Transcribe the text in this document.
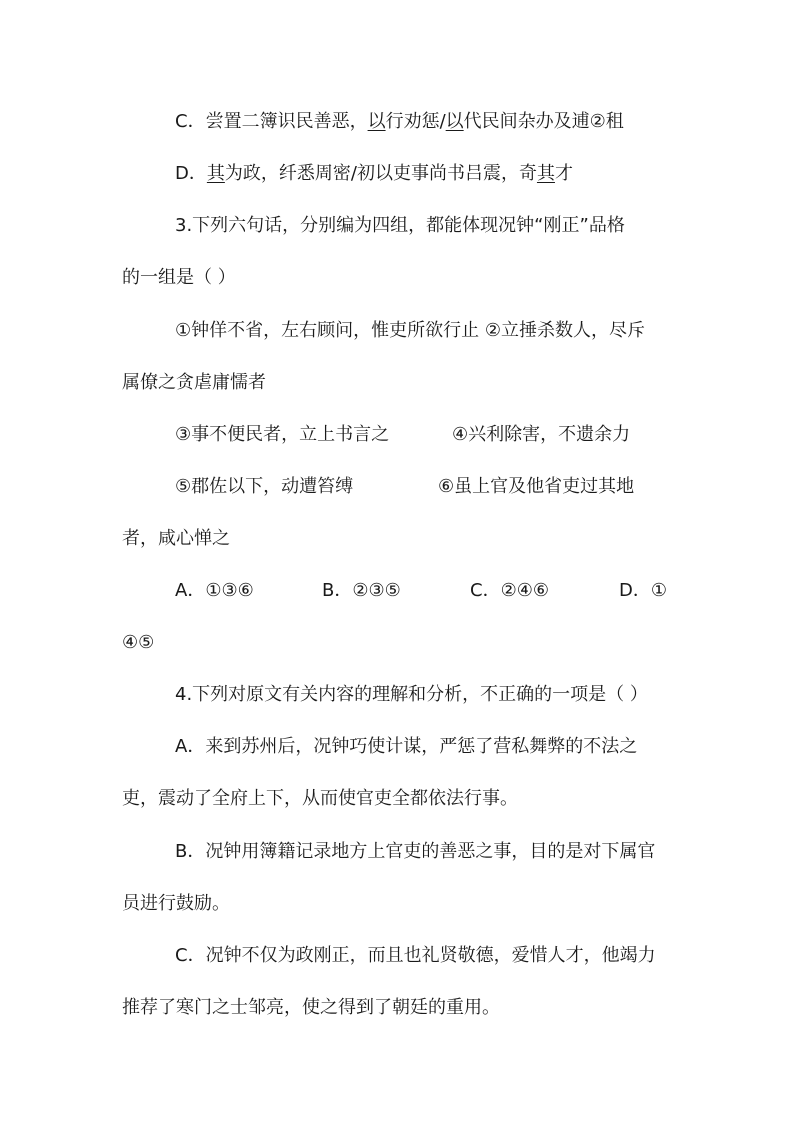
C．尝置二簿识民善恶，以行劝惩/以代民间杂办及逋②租
D．其为政，纤悉周密/初以吏事尚书吕震，奇其才
3.下列六句话，分别编为四组，都能体现况钟“刚正”品格
的一组是（ ）
①钟佯不省，左右顾问，惟吏所欲行止 ②立捶杀数人，尽斥
属僚之贪虐庸懦者
③事不便民者，立上书言之	④兴利除害，不遗余力
⑤郡佐以下，动遭笞缚	⑥虽上官及他省吏过其地
者，咸心惮之
A．①③⑥	B．②③⑤	C．②④⑥	D．①
④⑤
4.下列对原文有关内容的理解和分析，不正确的一项是（ ）
A．来到苏州后，况钟巧使计谋，严惩了营私舞弊的不法之
吏，震动了全府上下，从而使官吏全都依法行事。
B．况钟用簿籍记录地方上官吏的善恶之事，目的是对下属官
员进行鼓励。
C．况钟不仅为政刚正，而且也礼贤敬德，爱惜人才，他竭力
推荐了寒门之士邹亮，使之得到了朝廷的重用。
